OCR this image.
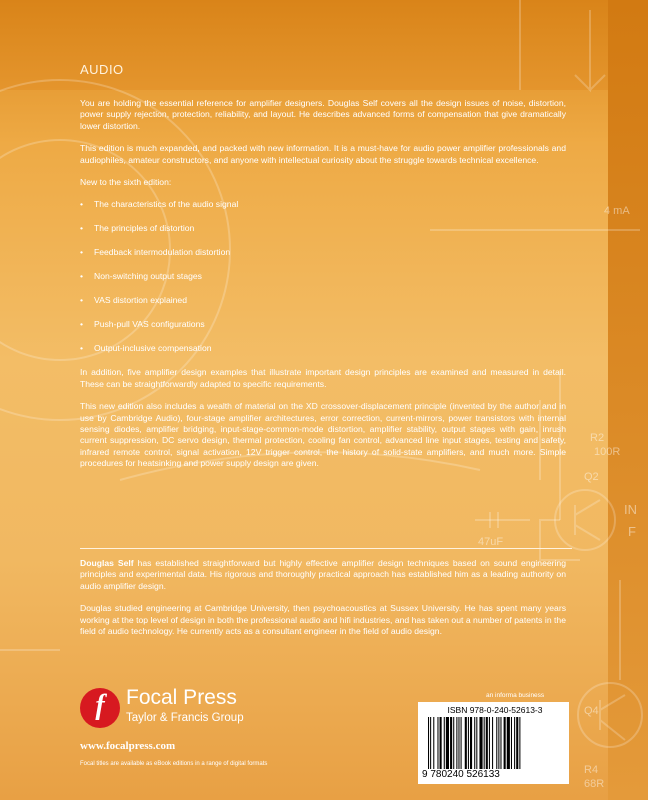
4 mA
R2
100R
Q2
47uF
Q4
R4
68R
IN
F
AUDIO

You are holding the essential reference for amplifier designers. Douglas Self covers all the design issues of noise, distortion, power supply rejection, protection, reliability, and layout. He describes advanced forms of compensation that give dramatically lower distortion.

This edition is much expanded, and packed with new information. It is a must-have for audio power amplifier professionals and audiophiles, amateur constructors, and anyone with intellectual curiosity about the struggle towards technical excellence.

New to the sixth edition:

• The characteristics of the audio signal
• The principles of distortion
• Feedback intermodulation distortion
• Non-switching output stages
• VAS distortion explained
• Push-pull VAS configurations
• Output-inclusive compensation

In addition, five amplifier design examples that illustrate important design principles are examined and measured in detail. These can be straightforwardly adapted to specific requirements.

This new edition also includes a wealth of material on the XD crossover-displacement principle (invented by the author and in use by Cambridge Audio), four-stage amplifier architectures, error correction, current-mirrors, power transistors with internal sensing diodes, amplifier bridging, input-stage-common-mode distortion, amplifier stability, output stages with gain, inrush current suppression, DC servo design, thermal protection, cooling fan control, advanced line input stages, testing and safety, infrared remote control, signal activation, 12V trigger control, the history of solid-state amplifiers, and much more. Simple procedures for heatsinking and power supply design are given.

Douglas Self has established straightforward but highly effective amplifier design techniques based on sound engineering principles and experimental data. His rigorous and thoroughly practical approach has established him as a leading authority on audio amplifier design.

Douglas studied engineering at Cambridge University, then psychoacoustics at Sussex University. He has spent many years working at the top level of design in both the professional audio and hifi industries, and has taken out a number of patents in the field of audio technology. He currently acts as a consultant engineer in the field of audio design.

f	Focal Press
Taylor & Francis Group
www.focalpress.com
Focal titles are available as eBook editions in a range of digital formats
an informa business
ISBN 978-0-240-52613-3
9 780240 526133
